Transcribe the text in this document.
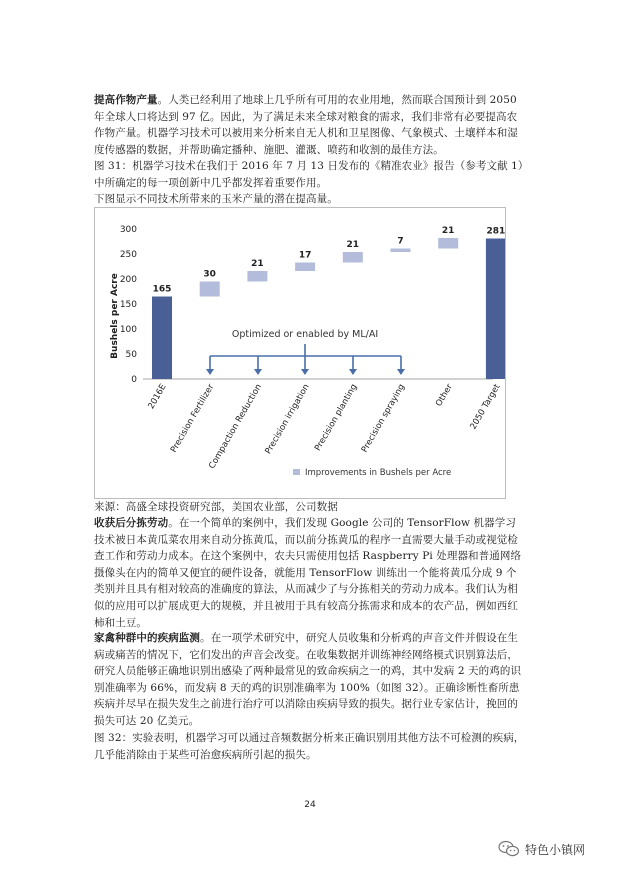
提高作物产量。人类已经利用了地球上几乎所有可用的农业用地，然而联合国预计到 2050 年全球人口将达到 97 亿。因此，为了满足未来全球对粮食的需求，我们非常有必要提高农作物产量。机器学习技术可以被用来分析来自无人机和卫星图像、气象模式、土壤样本和湿度传感器的数据，并帮助确定播种、施肥、灌溉、喷药和收割的最佳方法。

图 31：机器学习技术在我们于 2016 年 7 月 13 日发布的《精准农业》报告（参考文献 1）中所确定的每一项创新中几乎都发挥着重要作用。

下图显示不同技术所带来的玉米产量的潜在提高量。

0
50
100
150
200
250
300
Bushels per Acre	165
30
21
17
21	7
21	281
Optimized or enabled by ML/AI
2016E Precision Fertilizer
Compaction Reduction Precision irrigation Precision planting Precision spraying	Other 2050 Target
Improvements in Bushels per Acre

来源：高盛全球投资研究部，美国农业部，公司数据

收获后分拣劳动。在一个简单的案例中，我们发现 Google 公司的 TensorFlow 机器学习技术被日本黄瓜菜农用来自动分拣黄瓜，而以前分拣黄瓜的程序一直需要大量手动或视觉检查工作和劳动力成本。在这个案例中，农夫只需使用包括 Raspberry Pi 处理器和普通网络摄像头在内的简单又便宜的硬件设备，就能用 TensorFlow 训练出一个能将黄瓜分成 9 个类别并且具有相对较高的准确度的算法，从而减少了与分拣相关的劳动力成本。我们认为相似的应用可以扩展成更大的规模，并且被用于具有较高分拣需求和成本的农产品，例如西红柿和土豆。

家禽种群中的疾病监测。在一项学术研究中，研究人员收集和分析鸡的声音文件并假设在生病或痛苦的情况下，它们发出的声音会改变。在收集数据并训练神经网络模式识别算法后，研究人员能够正确地识别出感染了两种最常见的致命疾病之一的鸡，其中发病 2 天的鸡的识别准确率为 66%，而发病 8 天的鸡的识别准确率为 100%（如图 32）。正确诊断性畜所患疾病并尽早在损失发生之前进行治疗可以消除由疾病导致的损失。据行业专家估计，挽回的损失可达 20 亿美元。

图 32：实验表明，机器学习可以通过音频数据分析来正确识别用其他方法不可检测的疾病，几乎能消除由于某些可治愈疾病所引起的损失。

24
特色小镇网
